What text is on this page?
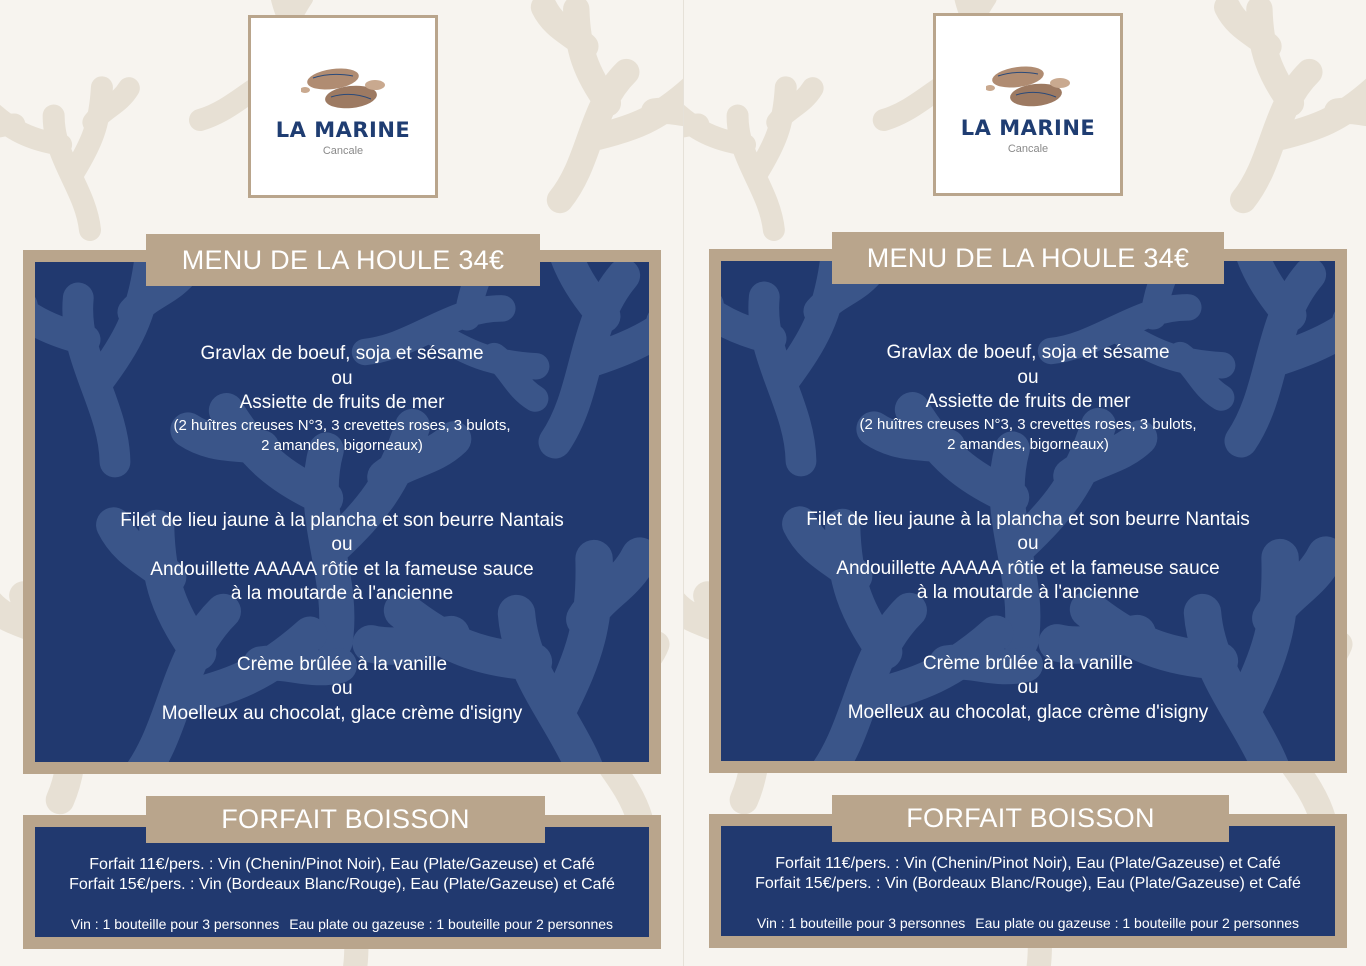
LA MARINE
Cancale
Gravlax de boeuf, soja et sésame
ou
Assiette de fruits de mer
(2 huîtres creuses N°3, 3 crevettes roses, 3 bulots,
2 amandes, bigorneaux)
Filet de lieu jaune à la plancha et son beurre Nantais
ou
Andouillette AAAAA rôtie et la fameuse sauce
à la moutarde à l'ancienne
Crème brûlée à la vanille
ou
Moelleux au chocolat, glace crème d'isigny
MENU DE LA HOULE 34€
Forfait 11€/pers. : Vin (Chenin/Pinot Noir), Eau (Plate/Gazeuse) et Café
Forfait 15€/pers. : Vin (Bordeaux Blanc/Rouge), Eau (Plate/Gazeuse) et Café
Vin : 1 bouteille pour 3 personnes Eau plate ou gazeuse : 1 bouteille pour 2 personnes
FORFAIT BOISSON
LA MARINE
Cancale
Gravlax de boeuf, soja et sésame
ou
Assiette de fruits de mer
(2 huîtres creuses N°3, 3 crevettes roses, 3 bulots,
2 amandes, bigorneaux)
Filet de lieu jaune à la plancha et son beurre Nantais
ou
Andouillette AAAAA rôtie et la fameuse sauce
à la moutarde à l'ancienne
Crème brûlée à la vanille
ou
Moelleux au chocolat, glace crème d'isigny
MENU DE LA HOULE 34€
Forfait 11€/pers. : Vin (Chenin/Pinot Noir), Eau (Plate/Gazeuse) et Café
Forfait 15€/pers. : Vin (Bordeaux Blanc/Rouge), Eau (Plate/Gazeuse) et Café
Vin : 1 bouteille pour 3 personnes Eau plate ou gazeuse : 1 bouteille pour 2 personnes
FORFAIT BOISSON
